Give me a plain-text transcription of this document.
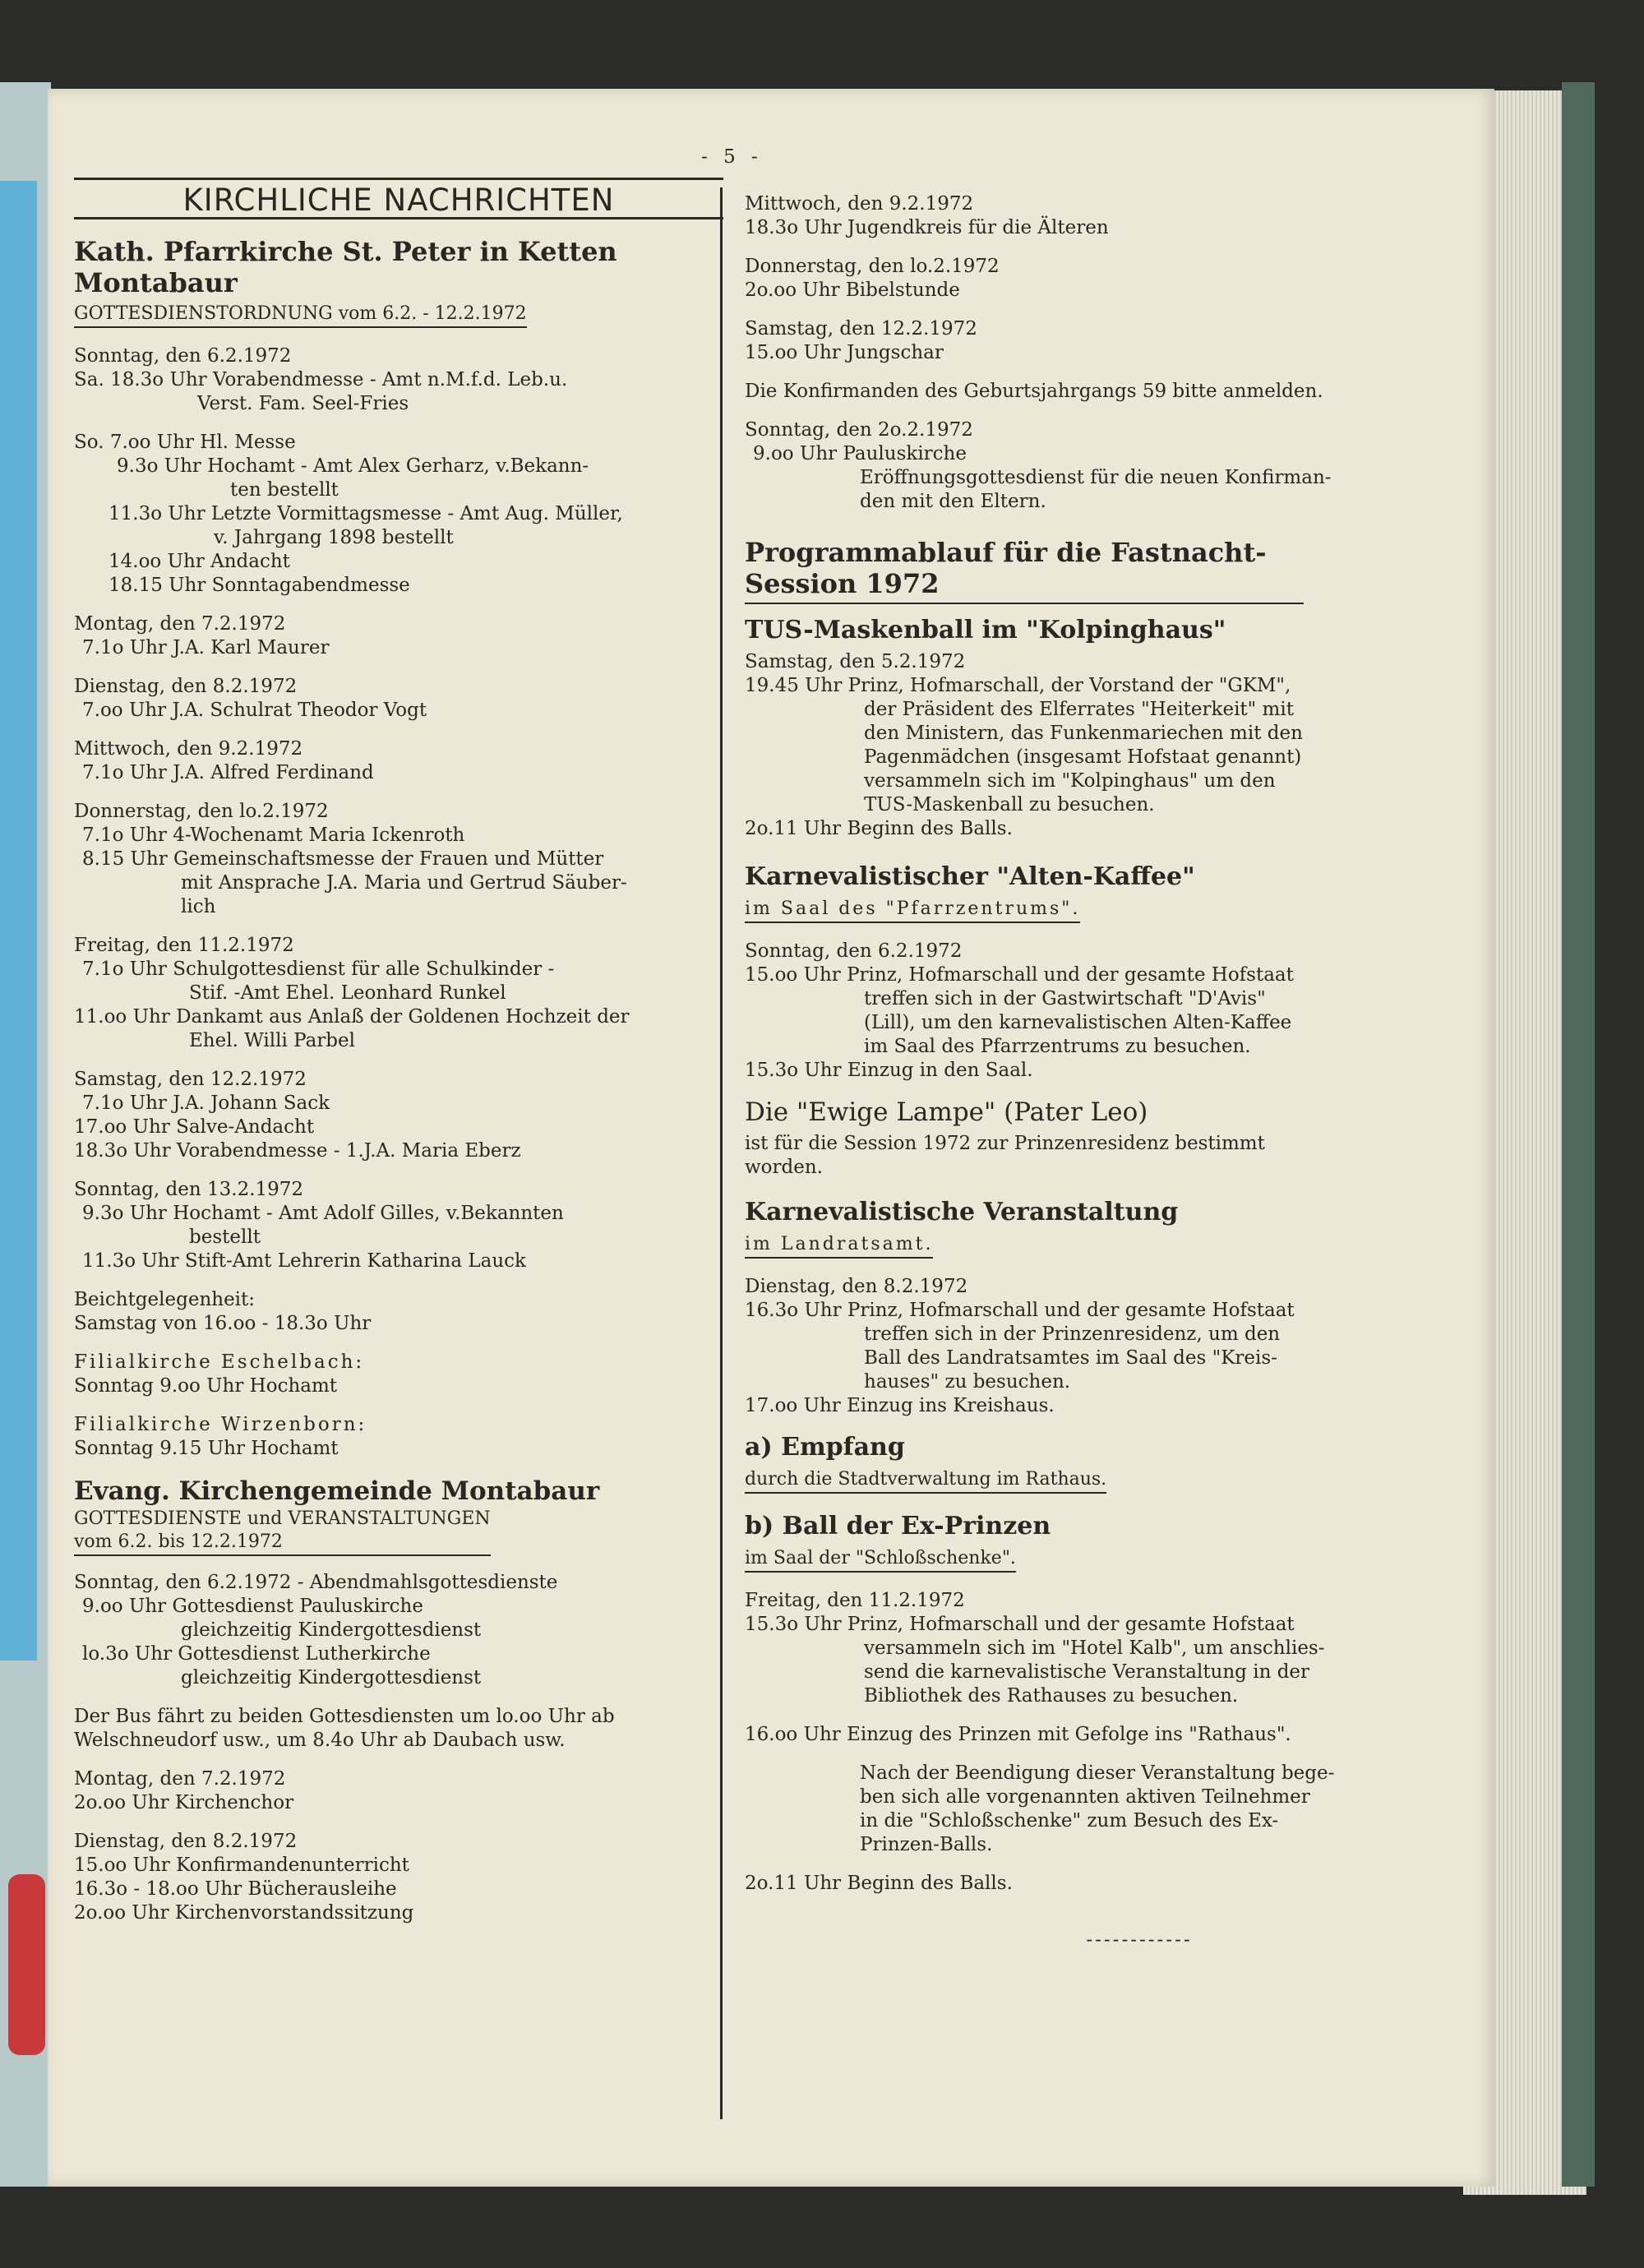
- 5 -
KIRCHLICHE NACHRICHTEN
Kath. Pfarrkirche St. Peter in Ketten Montabaur
GOTTESDIENSTORDNUNG vom 6.2. - 12.2.1972
Sonntag, den 6.2.1972
Sa. 18.3o Uhr Vorabendmesse - Amt n.M.f.d. Leb.u.
Verst. Fam. Seel-Fries
So. 7.oo Uhr Hl. Messe
9.3o Uhr Hochamt - Amt Alex Gerharz, v.Bekann-
ten bestellt
11.3o Uhr Letzte Vormittagsmesse - Amt Aug. Müller,
v. Jahrgang 1898 bestellt
14.oo Uhr Andacht
18.15 Uhr Sonntagabendmesse
Montag, den 7.2.1972
7.1o Uhr J.A. Karl Maurer
Dienstag, den 8.2.1972
7.oo Uhr J.A. Schulrat Theodor Vogt
Mittwoch, den 9.2.1972
7.1o Uhr J.A. Alfred Ferdinand
Donnerstag, den lo.2.1972
7.1o Uhr 4-Wochenamt Maria Ickenroth
8.15 Uhr Gemeinschaftsmesse der Frauen und Mütter
mit Ansprache J.A. Maria und Gertrud Säuber-
lich
Freitag, den 11.2.1972
7.1o Uhr Schulgottesdienst für alle Schulkinder -
Stif. -Amt Ehel. Leonhard Runkel
11.oo Uhr Dankamt aus Anlaß der Goldenen Hochzeit der
Ehel. Willi Parbel
Samstag, den 12.2.1972
7.1o Uhr J.A. Johann Sack
17.oo Uhr Salve-Andacht
18.3o Uhr Vorabendmesse - 1.J.A. Maria Eberz
Sonntag, den 13.2.1972
9.3o Uhr Hochamt - Amt Adolf Gilles, v.Bekannten
bestellt
11.3o Uhr Stift-Amt Lehrerin Katharina Lauck
Beichtgelegenheit:
Samstag von 16.oo - 18.3o Uhr
Filialkirche Eschelbach:
Sonntag 9.oo Uhr Hochamt
Filialkirche Wirzenborn:
Sonntag 9.15 Uhr Hochamt
Evang. Kirchengemeinde Montabaur
GOTTESDIENSTE und VERANSTALTUNGEN
vom 6.2. bis 12.2.1972
Sonntag, den 6.2.1972 - Abendmahlsgottesdienste
9.oo Uhr Gottesdienst Pauluskirche
gleichzeitig Kindergottesdienst
lo.3o Uhr Gottesdienst Lutherkirche
gleichzeitig Kindergottesdienst
Der Bus fährt zu beiden Gottesdiensten um lo.oo Uhr ab
Welschneudorf usw., um 8.4o Uhr ab Daubach usw.
Montag, den 7.2.1972
2o.oo Uhr Kirchenchor
Dienstag, den 8.2.1972
15.oo Uhr Konfirmandenunterricht
16.3o - 18.oo Uhr Bücherausleihe
2o.oo Uhr Kirchenvorstandssitzung
Mittwoch, den 9.2.1972
18.3o Uhr Jugendkreis für die Älteren
Donnerstag, den lo.2.1972
2o.oo Uhr Bibelstunde
Samstag, den 12.2.1972
15.oo Uhr Jungschar
Die Konfirmanden des Geburtsjahrgangs 59 bitte anmelden.
Sonntag, den 2o.2.1972
9.oo Uhr Pauluskirche
Eröffnungsgottesdienst für die neuen Konfirman-
den mit den Eltern.
Programmablauf für die Fastnacht-Session 1972
TUS-Maskenball im "Kolpinghaus"
Samstag, den 5.2.1972
19.45 Uhr Prinz, Hofmarschall, der Vorstand der "GKM",
der Präsident des Elferrates "Heiterkeit" mit
den Ministern, das Funkenmariechen mit den
Pagenmädchen (insgesamt Hofstaat genannt)
versammeln sich im "Kolpinghaus" um den
TUS-Maskenball zu besuchen.
2o.11 Uhr Beginn des Balls.
Karnevalistischer "Alten-Kaffee"
im Saal des "Pfarrzentrums".
Sonntag, den 6.2.1972
15.oo Uhr Prinz, Hofmarschall und der gesamte Hofstaat
treffen sich in der Gastwirtschaft "D'Avis"
(Lill), um den karnevalistischen Alten-Kaffee
im Saal des Pfarrzentrums zu besuchen.
15.3o Uhr Einzug in den Saal.
Die "Ewige Lampe" (Pater Leo)
ist für die Session 1972 zur Prinzenresidenz bestimmt
worden.
Karnevalistische Veranstaltung
im Landratsamt.
Dienstag, den 8.2.1972
16.3o Uhr Prinz, Hofmarschall und der gesamte Hofstaat
treffen sich in der Prinzenresidenz, um den
Ball des Landratsamtes im Saal des "Kreis-
hauses" zu besuchen.
17.oo Uhr Einzug ins Kreishaus.
a) Empfang
durch die Stadtverwaltung im Rathaus.
b) Ball der Ex-Prinzen
im Saal der "Schloßschenke".
Freitag, den 11.2.1972
15.3o Uhr Prinz, Hofmarschall und der gesamte Hofstaat
versammeln sich im "Hotel Kalb", um anschlies-
send die karnevalistische Veranstaltung in der
Bibliothek des Rathauses zu besuchen.
16.oo Uhr Einzug des Prinzen mit Gefolge ins "Rathaus".
Nach der Beendigung dieser Veranstaltung bege-
ben sich alle vorgenannten aktiven Teilnehmer
in die "Schloßschenke" zum Besuch des Ex-
Prinzen-Balls.
2o.11 Uhr Beginn des Balls.
------------
